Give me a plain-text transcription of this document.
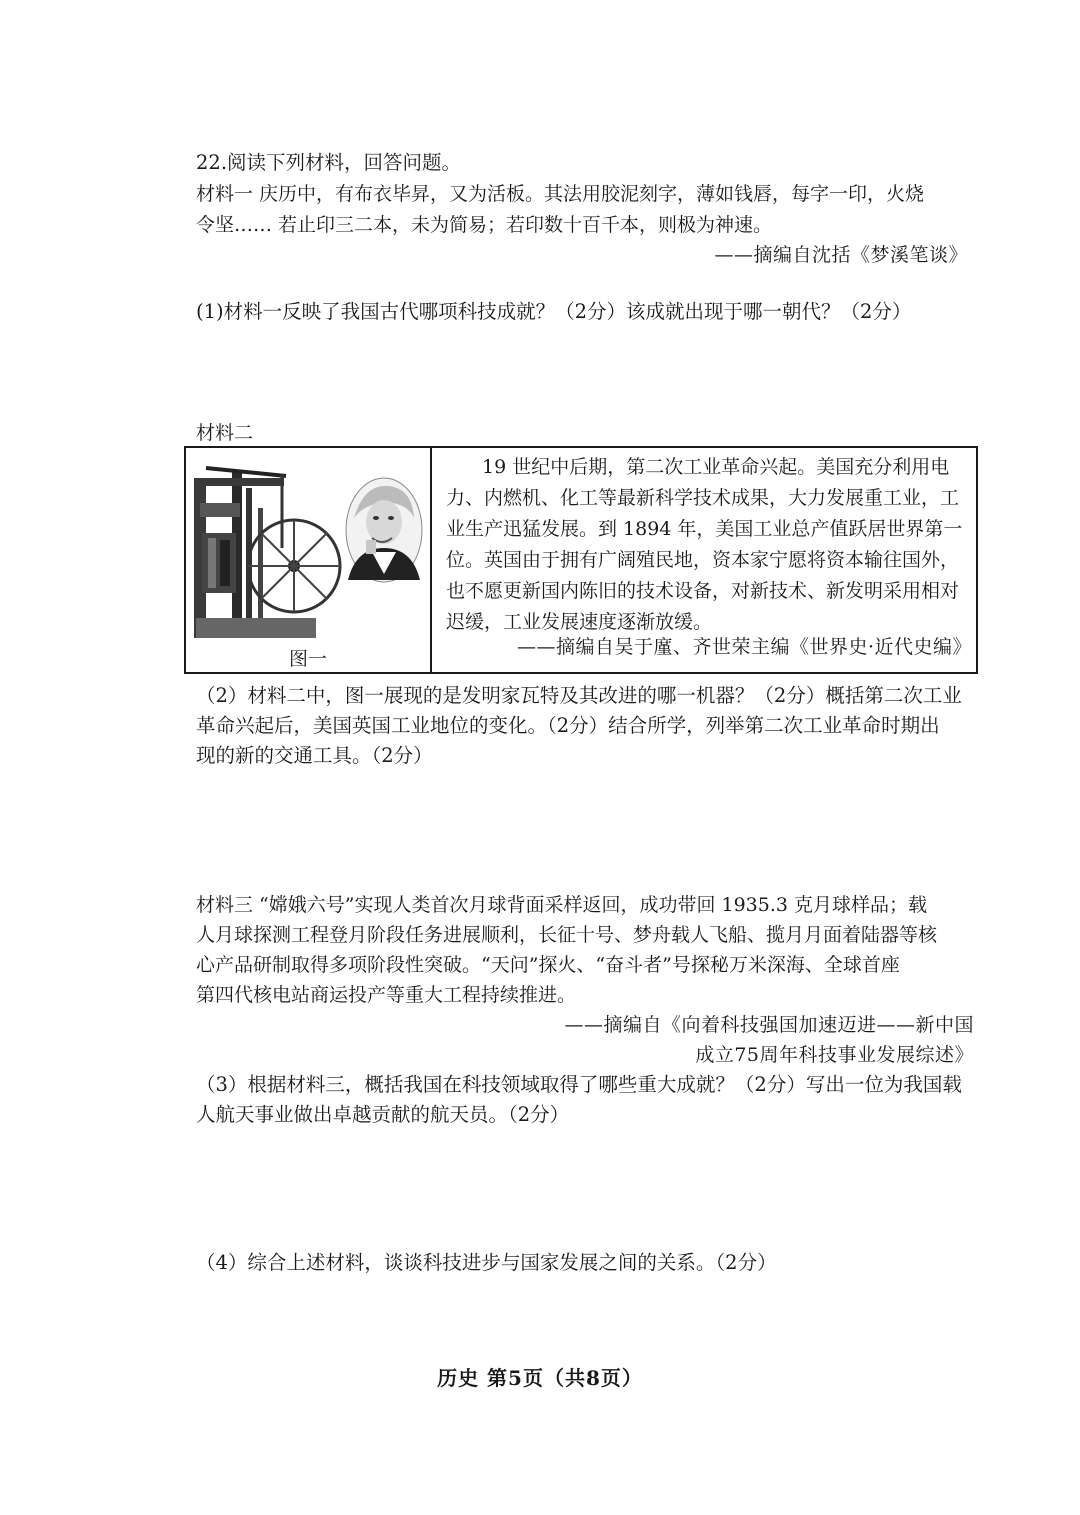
22.阅读下列材料，回答问题。
材料一 庆历中，有布衣毕昇，又为活板。其法用胶泥刻字，薄如钱唇，每字一印，火烧
令坚…… 若止印三二本，未为简易；若印数十百千本，则极为神速。
——摘编自沈括《梦溪笔谈》
(1)材料一反映了我国古代哪项科技成就？（2分）该成就出现于哪一朝代？（2分）
材料二
图一
19 世纪中后期，第二次工业革命兴起。美国充分利用电
力、内燃机、化工等最新科学技术成果，大力发展重工业，工
业生产迅猛发展。到 1894 年，美国工业总产值跃居世界第一
位。英国由于拥有广阔殖民地，资本家宁愿将资本输往国外，
也不愿更新国内陈旧的技术设备，对新技术、新发明采用相对
迟缓，工业发展速度逐渐放缓。
——摘编自吴于廑、齐世荣主编《世界史·近代史编》
（2）材料二中，图一展现的是发明家瓦特及其改进的哪一机器？（2分）概括第二次工业
革命兴起后，美国英国工业地位的变化。（2分）结合所学，列举第二次工业革命时期出
现的新的交通工具。（2分）
材料三 “嫦娥六号”实现人类首次月球背面采样返回，成功带回 1935.3 克月球样品；载
人月球探测工程登月阶段任务进展顺利，长征十号、梦舟载人飞船、揽月月面着陆器等核
心产品研制取得多项阶段性突破。“天问”探火、“奋斗者”号探秘万米深海、全球首座
第四代核电站商运投产等重大工程持续推进。
——摘编自《向着科技强国加速迈进——新中国
成立75周年科技事业发展综述》
（3）根据材料三，概括我国在科技领域取得了哪些重大成就？（2分）写出一位为我国载
人航天事业做出卓越贡献的航天员。（2分）
（4）综合上述材料，谈谈科技进步与国家发展之间的关系。（2分）
历史 第5页（共8页）
